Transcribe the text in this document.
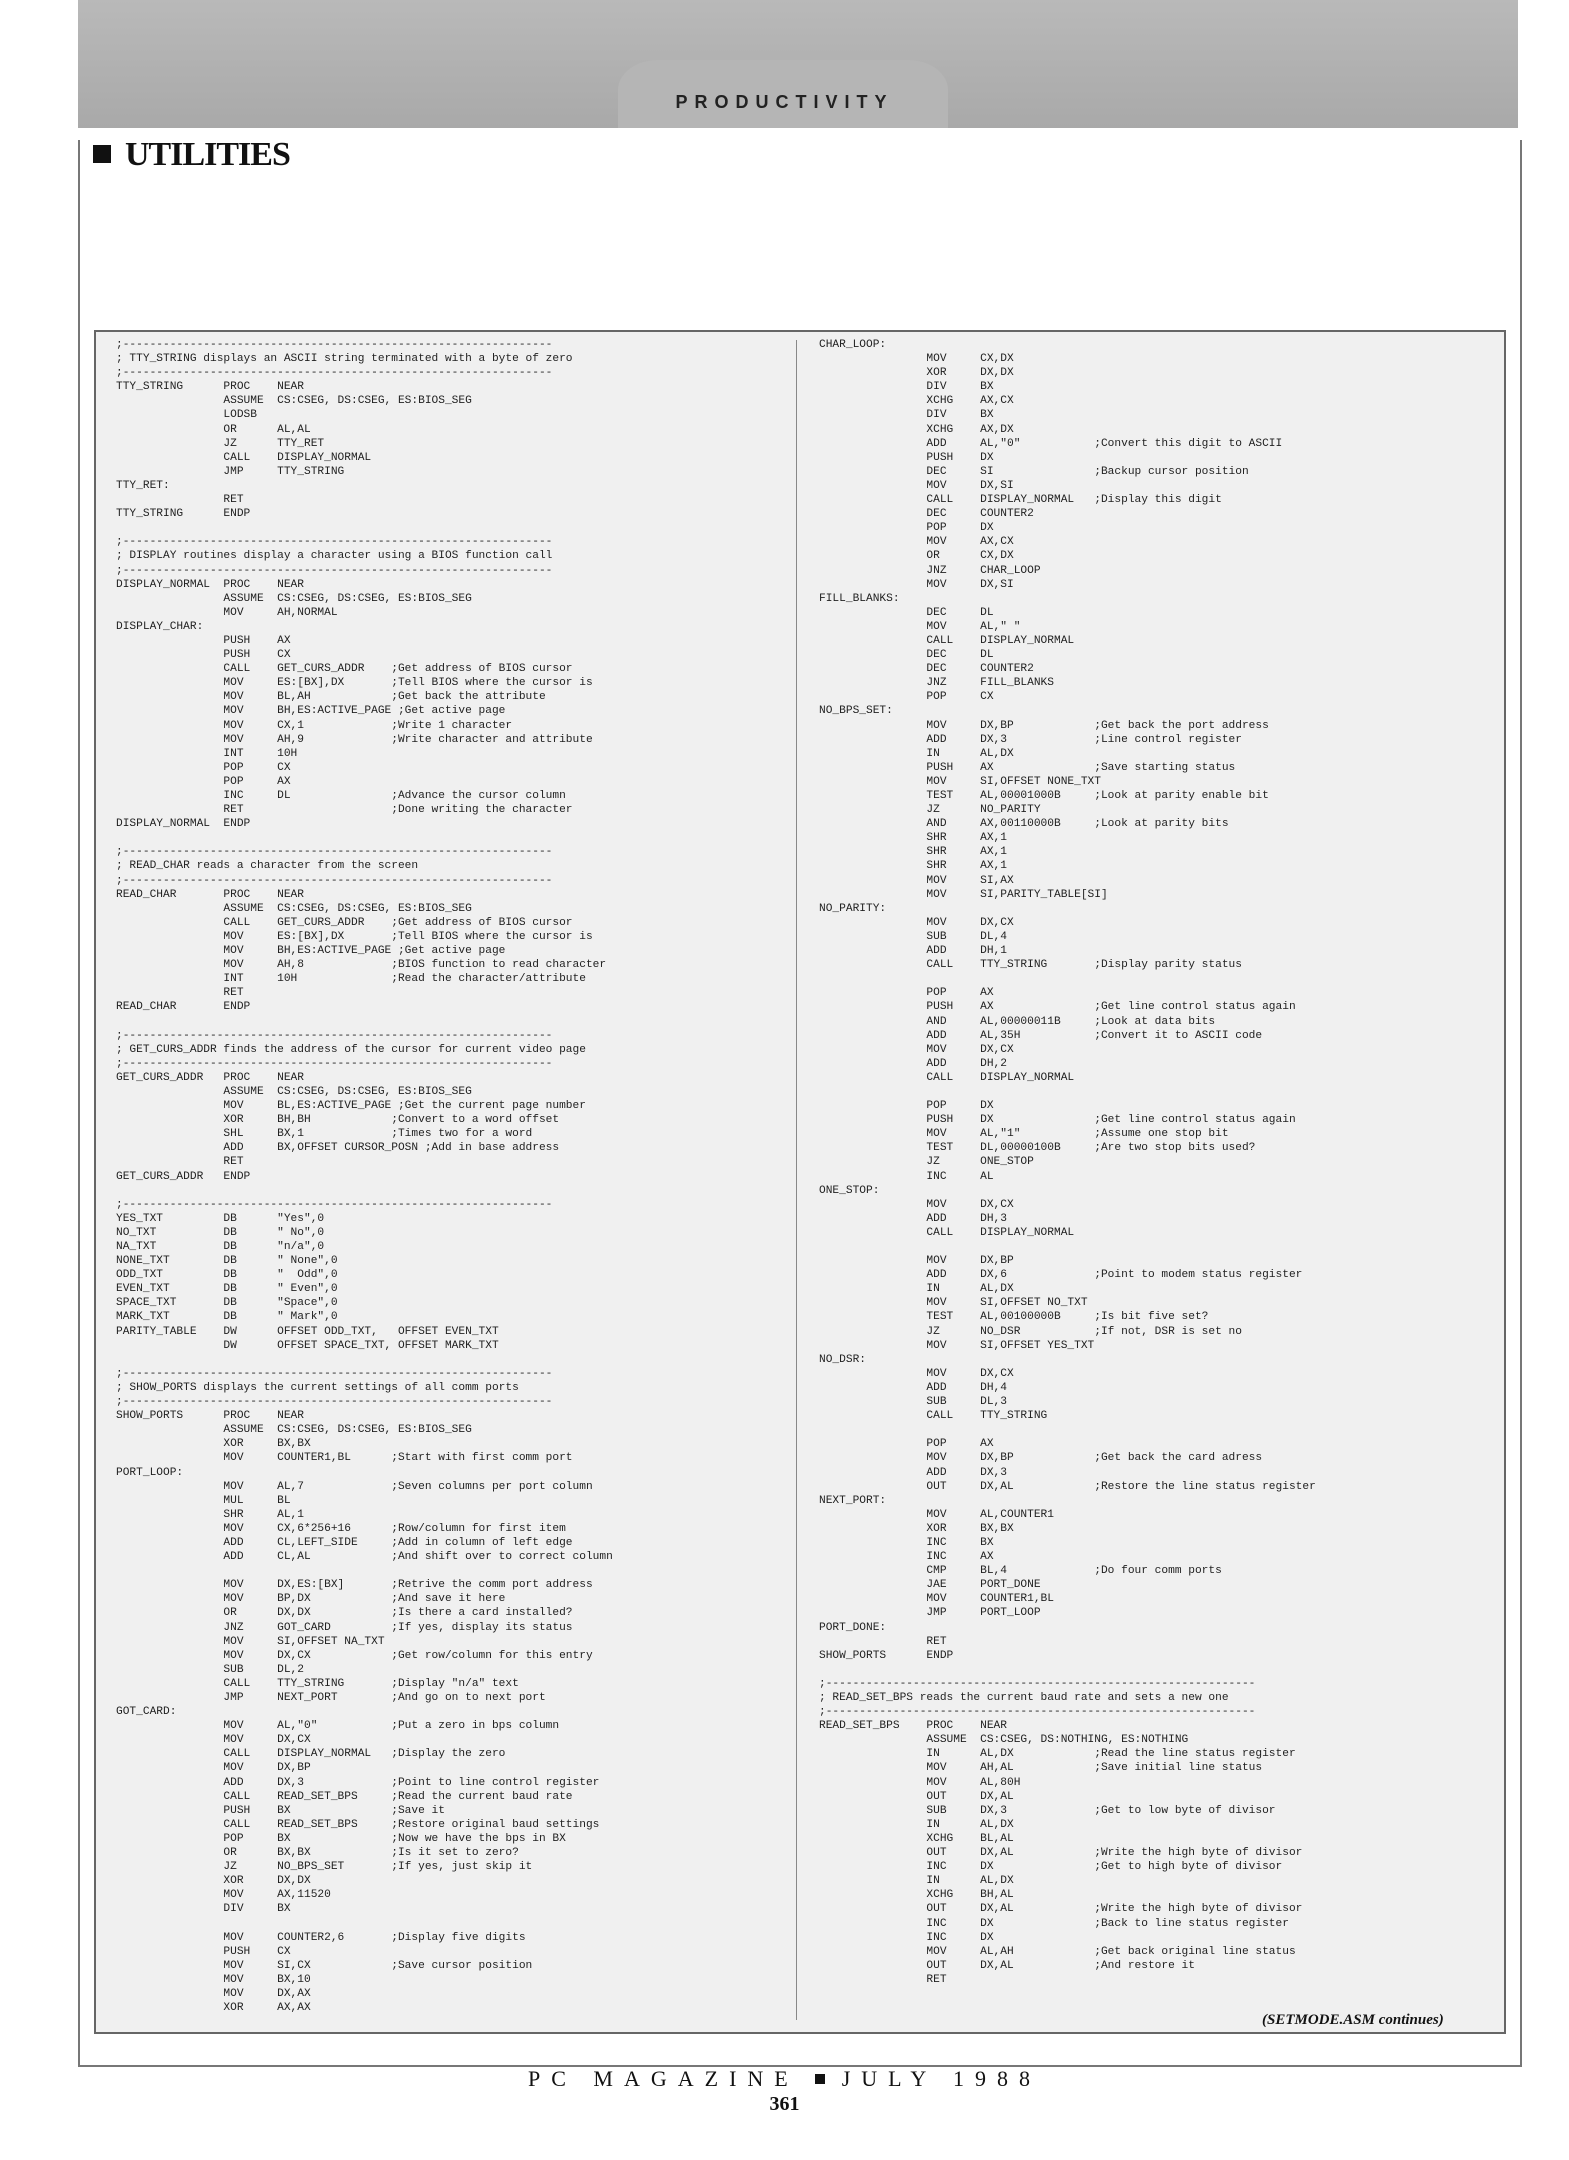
PRODUCTIVITY
UTILITIES
;----------------------------------------------------------------
; TTY_STRING displays an ASCII string terminated with a byte of zero
;----------------------------------------------------------------
TTY_STRING      PROC    NEAR
ASSUME  CS:CSEG, DS:CSEG, ES:BIOS_SEG
LODSB
OR      AL,AL
JZ      TTY_RET
CALL    DISPLAY_NORMAL
JMP     TTY_STRING
TTY_RET:
RET
TTY_STRING      ENDP

;----------------------------------------------------------------
; DISPLAY routines display a character using a BIOS function call
;----------------------------------------------------------------
DISPLAY_NORMAL  PROC    NEAR
ASSUME  CS:CSEG, DS:CSEG, ES:BIOS_SEG
MOV     AH,NORMAL
DISPLAY_CHAR:
PUSH    AX
PUSH    CX
CALL    GET_CURS_ADDR    ;Get address of BIOS cursor
MOV     ES:[BX],DX       ;Tell BIOS where the cursor is
MOV     BL,AH            ;Get back the attribute
MOV     BH,ES:ACTIVE_PAGE ;Get active page
MOV     CX,1             ;Write 1 character
MOV     AH,9             ;Write character and attribute
INT     10H
POP     CX
POP     AX
INC     DL               ;Advance the cursor column
RET                      ;Done writing the character
DISPLAY_NORMAL  ENDP

;----------------------------------------------------------------
; READ_CHAR reads a character from the screen
;----------------------------------------------------------------
READ_CHAR       PROC    NEAR
ASSUME  CS:CSEG, DS:CSEG, ES:BIOS_SEG
CALL    GET_CURS_ADDR    ;Get address of BIOS cursor
MOV     ES:[BX],DX       ;Tell BIOS where the cursor is
MOV     BH,ES:ACTIVE_PAGE ;Get active page
MOV     AH,8             ;BIOS function to read character
INT     10H              ;Read the character/attribute
RET
READ_CHAR       ENDP

;----------------------------------------------------------------
; GET_CURS_ADDR finds the address of the cursor for current video page
;----------------------------------------------------------------
GET_CURS_ADDR   PROC    NEAR
ASSUME  CS:CSEG, DS:CSEG, ES:BIOS_SEG
MOV     BL,ES:ACTIVE_PAGE ;Get the current page number
XOR     BH,BH            ;Convert to a word offset
SHL     BX,1             ;Times two for a word
ADD     BX,OFFSET CURSOR_POSN ;Add in base address
RET
GET_CURS_ADDR   ENDP

;----------------------------------------------------------------
YES_TXT         DB      "Yes",0
NO_TXT          DB      " No",0
NA_TXT          DB      "n/a",0
NONE_TXT        DB      " None",0
ODD_TXT         DB      "  Odd",0
EVEN_TXT        DB      " Even",0
SPACE_TXT       DB      "Space",0
MARK_TXT        DB      " Mark",0
PARITY_TABLE    DW      OFFSET ODD_TXT,   OFFSET EVEN_TXT
DW      OFFSET SPACE_TXT, OFFSET MARK_TXT

;----------------------------------------------------------------
; SHOW_PORTS displays the current settings of all comm ports
;----------------------------------------------------------------
SHOW_PORTS      PROC    NEAR
ASSUME  CS:CSEG, DS:CSEG, ES:BIOS_SEG
XOR     BX,BX
MOV     COUNTER1,BL      ;Start with first comm port
PORT_LOOP:
MOV     AL,7             ;Seven columns per port column
MUL     BL
SHR     AL,1
MOV     CX,6*256+16      ;Row/column for first item
ADD     CL,LEFT_SIDE     ;Add in column of left edge
ADD     CL,AL            ;And shift over to correct column

MOV     DX,ES:[BX]       ;Retrive the comm port address
MOV     BP,DX            ;And save it here
OR      DX,DX            ;Is there a card installed?
JNZ     GOT_CARD         ;If yes, display its status
MOV     SI,OFFSET NA_TXT
MOV     DX,CX            ;Get row/column for this entry
SUB     DL,2
CALL    TTY_STRING       ;Display "n/a" text
JMP     NEXT_PORT        ;And go on to next port
GOT_CARD:
MOV     AL,"0"           ;Put a zero in bps column
MOV     DX,CX
CALL    DISPLAY_NORMAL   ;Display the zero
MOV     DX,BP
ADD     DX,3             ;Point to line control register
CALL    READ_SET_BPS     ;Read the current baud rate
PUSH    BX               ;Save it
CALL    READ_SET_BPS     ;Restore original baud settings
POP     BX               ;Now we have the bps in BX
OR      BX,BX            ;Is it set to zero?
JZ      NO_BPS_SET       ;If yes, just skip it
XOR     DX,DX
MOV     AX,11520
DIV     BX

MOV     COUNTER2,6       ;Display five digits
PUSH    CX
MOV     SI,CX            ;Save cursor position
MOV     BX,10
MOV     DX,AX
XOR     AX,AX

CHAR_LOOP:
MOV     CX,DX
XOR     DX,DX
DIV     BX
XCHG    AX,CX
DIV     BX
XCHG    AX,DX
ADD     AL,"0"           ;Convert this digit to ASCII
PUSH    DX
DEC     SI               ;Backup cursor position
MOV     DX,SI
CALL    DISPLAY_NORMAL   ;Display this digit
DEC     COUNTER2
POP     DX
MOV     AX,CX
OR      CX,DX
JNZ     CHAR_LOOP
MOV     DX,SI
FILL_BLANKS:
DEC     DL
MOV     AL," "
CALL    DISPLAY_NORMAL
DEC     DL
DEC     COUNTER2
JNZ     FILL_BLANKS
POP     CX
NO_BPS_SET:
MOV     DX,BP            ;Get back the port address
ADD     DX,3             ;Line control register
IN      AL,DX
PUSH    AX               ;Save starting status
MOV     SI,OFFSET NONE_TXT
TEST    AL,00001000B     ;Look at parity enable bit
JZ      NO_PARITY
AND     AX,00110000B     ;Look at parity bits
SHR     AX,1
SHR     AX,1
SHR     AX,1
MOV     SI,AX
MOV     SI,PARITY_TABLE[SI]
NO_PARITY:
MOV     DX,CX
SUB     DL,4
ADD     DH,1
CALL    TTY_STRING       ;Display parity status

POP     AX
PUSH    AX               ;Get line control status again
AND     AL,00000011B     ;Look at data bits
ADD     AL,35H           ;Convert it to ASCII code
MOV     DX,CX
ADD     DH,2
CALL    DISPLAY_NORMAL

POP     DX
PUSH    DX               ;Get line control status again
MOV     AL,"1"           ;Assume one stop bit
TEST    DL,00000100B     ;Are two stop bits used?
JZ      ONE_STOP
INC     AL
ONE_STOP:
MOV     DX,CX
ADD     DH,3
CALL    DISPLAY_NORMAL

MOV     DX,BP
ADD     DX,6             ;Point to modem status register
IN      AL,DX
MOV     SI,OFFSET NO_TXT
TEST    AL,00100000B     ;Is bit five set?
JZ      NO_DSR           ;If not, DSR is set no
MOV     SI,OFFSET YES_TXT
NO_DSR:
MOV     DX,CX
ADD     DH,4
SUB     DL,3
CALL    TTY_STRING

POP     AX
MOV     DX,BP            ;Get back the card adress
ADD     DX,3
OUT     DX,AL            ;Restore the line status register
NEXT_PORT:
MOV     AL,COUNTER1
XOR     BX,BX
INC     BX
INC     AX
CMP     BL,4             ;Do four comm ports
JAE     PORT_DONE
MOV     COUNTER1,BL
JMP     PORT_LOOP
PORT_DONE:
RET
SHOW_PORTS      ENDP

;----------------------------------------------------------------
; READ_SET_BPS reads the current baud rate and sets a new one
;----------------------------------------------------------------
READ_SET_BPS    PROC    NEAR
ASSUME  CS:CSEG, DS:NOTHING, ES:NOTHING
IN      AL,DX            ;Read the line status register
MOV     AH,AL            ;Save initial line status
MOV     AL,80H
OUT     DX,AL
SUB     DX,3             ;Get to low byte of divisor
IN      AL,DX
XCHG    BL,AL
OUT     DX,AL            ;Write the high byte of divisor
INC     DX               ;Get to high byte of divisor
IN      AL,DX
XCHG    BH,AL
OUT     DX,AL            ;Write the high byte of divisor
INC     DX               ;Back to line status register
INC     DX
MOV     AL,AH            ;Get back original line status
OUT     DX,AL            ;And restore it
RET

(SETMODE.ASM continues)
PC MAGAZINE JULY 1988
361
